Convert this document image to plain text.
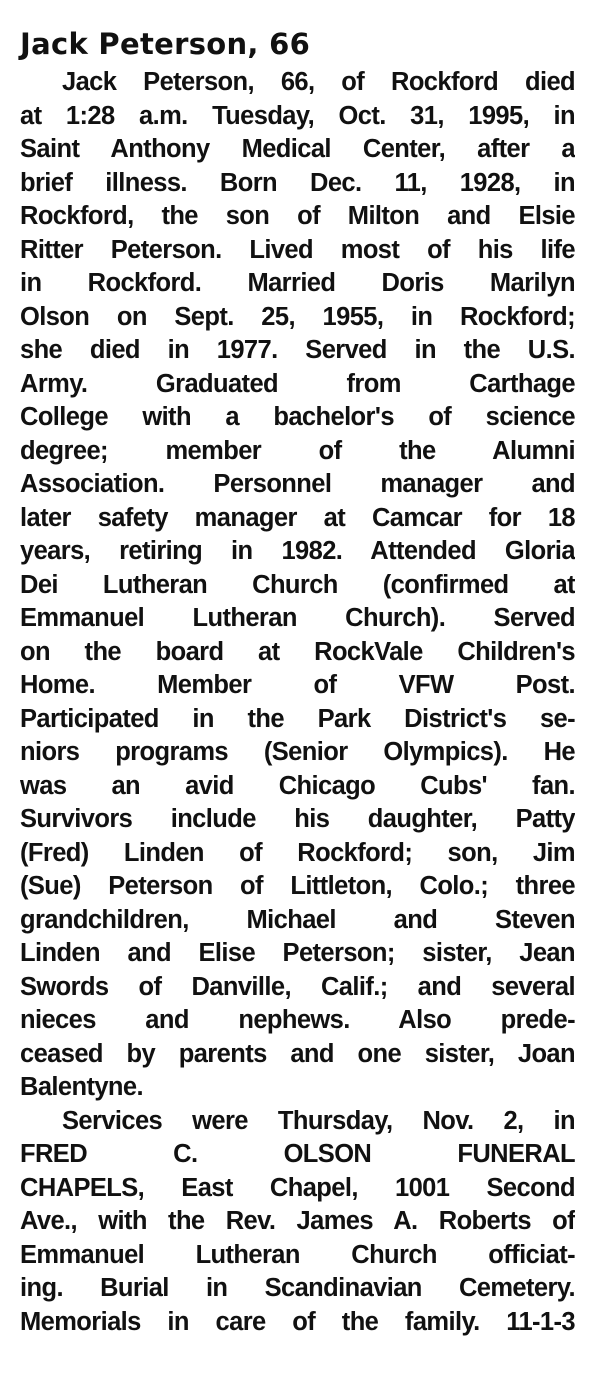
Jack Peterson, 66

Jack Peterson, 66, of Rockford died
at 1:28 a.m. Tuesday, Oct. 31, 1995, in
Saint Anthony Medical Center, after a
brief illness. Born Dec. 11, 1928, in
Rockford, the son of Milton and Elsie
Ritter Peterson. Lived most of his life
in Rockford. Married Doris Marilyn
Olson on Sept. 25, 1955, in Rockford;
she died in 1977. Served in the U.S.
Army. Graduated from Carthage
College with a bachelor's of science
degree; member of the Alumni
Association. Personnel manager and
later safety manager at Camcar for 18
years, retiring in 1982. Attended Gloria
Dei Lutheran Church (confirmed at
Emmanuel Lutheran Church). Served
on the board at RockVale Children's
Home. Member of VFW Post.
Participated in the Park District's se-
niors programs (Senior Olympics). He
was an avid Chicago Cubs' fan.
Survivors include his daughter, Patty
(Fred) Linden of Rockford; son, Jim
(Sue) Peterson of Littleton, Colo.; three
grandchildren, Michael and Steven
Linden and Elise Peterson; sister, Jean
Swords of Danville, Calif.; and several
nieces and nephews. Also prede-
ceased by parents and one sister, Joan
Balentyne.

Services were Thursday, Nov. 2, in
FRED C. OLSON FUNERAL
CHAPELS, East Chapel, 1001 Second
Ave., with the Rev. James A. Roberts of
Emmanuel Lutheran Church officiat-
ing. Burial in Scandinavian Cemetery.
Memorials in care of the family. 11-1-3
